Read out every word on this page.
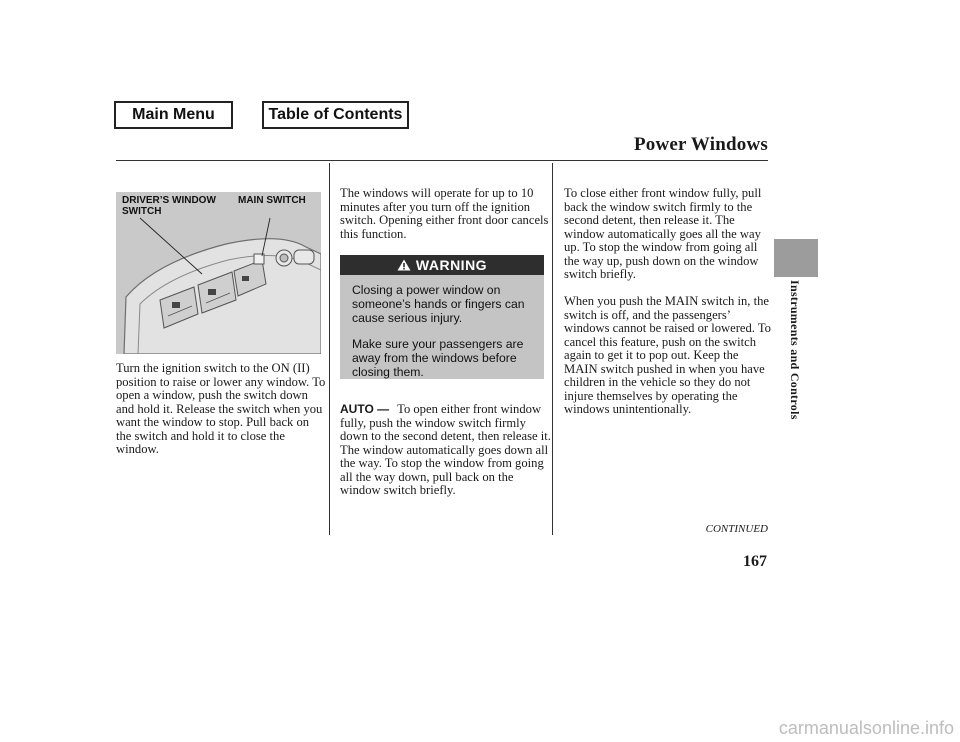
Main Menu	Table of Contents
Power Windows
Instruments and Controls
DRIVER’S WINDOW SWITCH
MAIN SWITCH

Turn the ignition switch to the ON (II) position to raise or lower any window. To open a window, push the switch down and hold it. Release the switch when you want the window to stop. Pull back on the switch and hold it to close the window.

The windows will operate for up to 10 minutes after you turn off the ignition switch. Opening either front door cancels this function.

WARNING

Closing a power window on someone’s hands or fingers can cause serious injury.

Make sure your passengers are away from the windows before closing them.

AUTO — To open either front window fully, push the window switch firmly down to the second detent, then release it. The window automatically goes down all the way. To stop the window from going all the way down, pull back on the window switch briefly.

To close either front window fully, pull back the window switch firmly to the second detent, then release it. The window automatically goes all the way up. To stop the window from going all the way up, push down on the window switch briefly.

When you push the MAIN switch in, the switch is off, and the passengers’ windows cannot be raised or lowered. To cancel this feature, push on the switch again to get it to pop out. Keep the MAIN switch pushed in when you have children in the vehicle so they do not injure themselves by operating the windows unintentionally.

CONTINUED
167
carmanualsonline.info
